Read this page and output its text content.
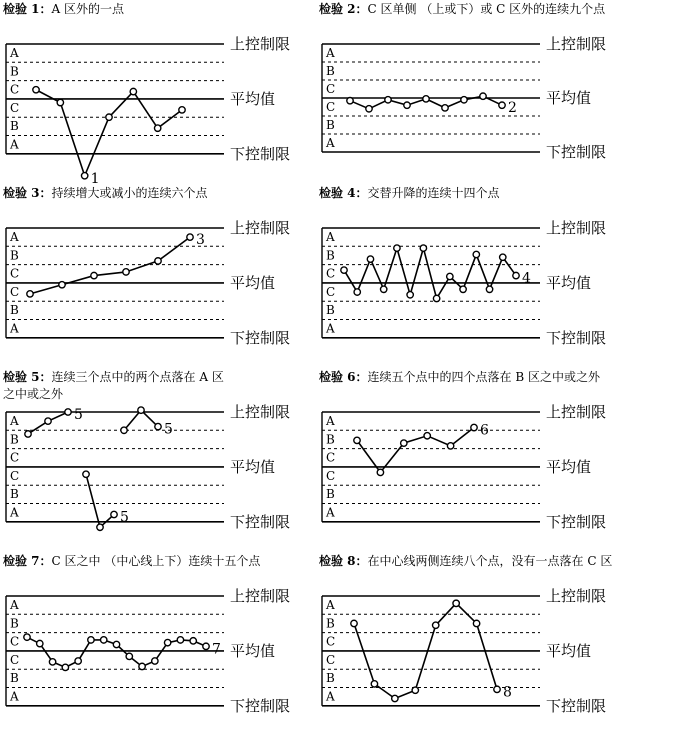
检验 1：A 区外的一点
A
B
C
C
B
A
上控制限
平均值
下控制限
1
检验 2：C 区单侧 （上或下）或 C 区外的连续九个点
A
B
C
C
B
A
上控制限
平均值
下控制限
2
检验 3：持续增大或减小的连续六个点
A
B
C
C
B
A
上控制限
平均值
下控制限
3
检验 4：交替升降的连续十四个点
A
B
C
C
B
A
上控制限
平均值
下控制限
4
检验 5：连续三个点中的两个点落在 A 区
之中或之外
A
B
C
C
B
A
上控制限
平均值
下控制限
5
5
5
检验 6：连续五个点中的四个点落在 B 区之中或之外
A
B
C
C
B
A
上控制限
平均值
下控制限
6
检验 7：C 区之中 （中心线上下）连续十五个点
A
B
C
C
B
A
上控制限
平均值
下控制限
7
检验 8：在中心线两侧连续八个点，没有一点落在 C 区
A
B
C
C
B
A
上控制限
平均值
下控制限
8
